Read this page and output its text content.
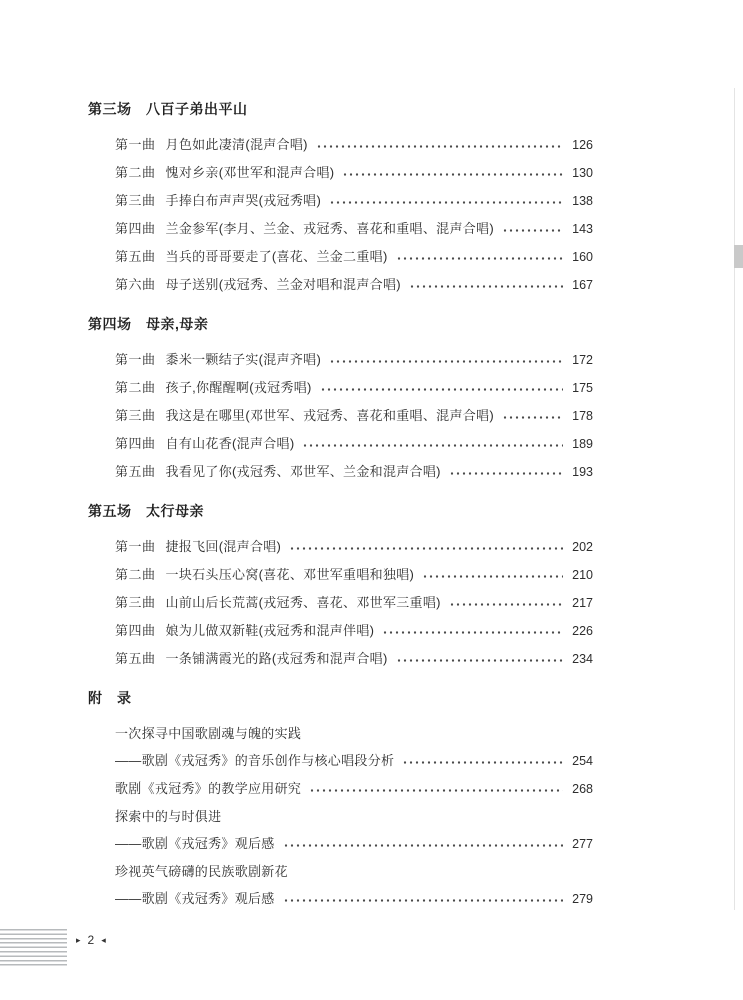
第三场　八百子弟出平山
第一曲 月色如此凄清(混声合唱)	126
第二曲 愧对乡亲(邓世军和混声合唱)	130
第三曲 手捧白布声声哭(戎冠秀唱)	138
第四曲 兰金参军(李月、兰金、戎冠秀、喜花和重唱、混声合唱)	143
第五曲 当兵的哥哥要走了(喜花、兰金二重唱)	160
第六曲 母子送别(戎冠秀、兰金对唱和混声合唱)	167
第四场　母亲,母亲
第一曲 黍米一颗结子实(混声齐唱)	172
第二曲 孩子,你醒醒啊(戎冠秀唱)	175
第三曲 我这是在哪里(邓世军、戎冠秀、喜花和重唱、混声合唱)	178
第四曲 自有山花香(混声合唱)	189
第五曲 我看见了你(戎冠秀、邓世军、兰金和混声合唱)	193
第五场　太行母亲
第一曲 捷报飞回(混声合唱)	202
第二曲 一块石头压心窝(喜花、邓世军重唱和独唱)	210
第三曲 山前山后长荒蒿(戎冠秀、喜花、邓世军三重唱)	217
第四曲 娘为儿做双新鞋(戎冠秀和混声伴唱)	226
第五曲 一条铺满霞光的路(戎冠秀和混声合唱)	234
附　录
一次探寻中国歌剧魂与魄的实践
——歌剧《戎冠秀》的音乐创作与核心唱段分析	254
歌剧《戎冠秀》的教学应用研究	268
探索中的与时俱进
——歌剧《戎冠秀》观后感	277
珍视英气磅礴的民族歌剧新花
——歌剧《戎冠秀》观后感	279
▸ 2 ◂
